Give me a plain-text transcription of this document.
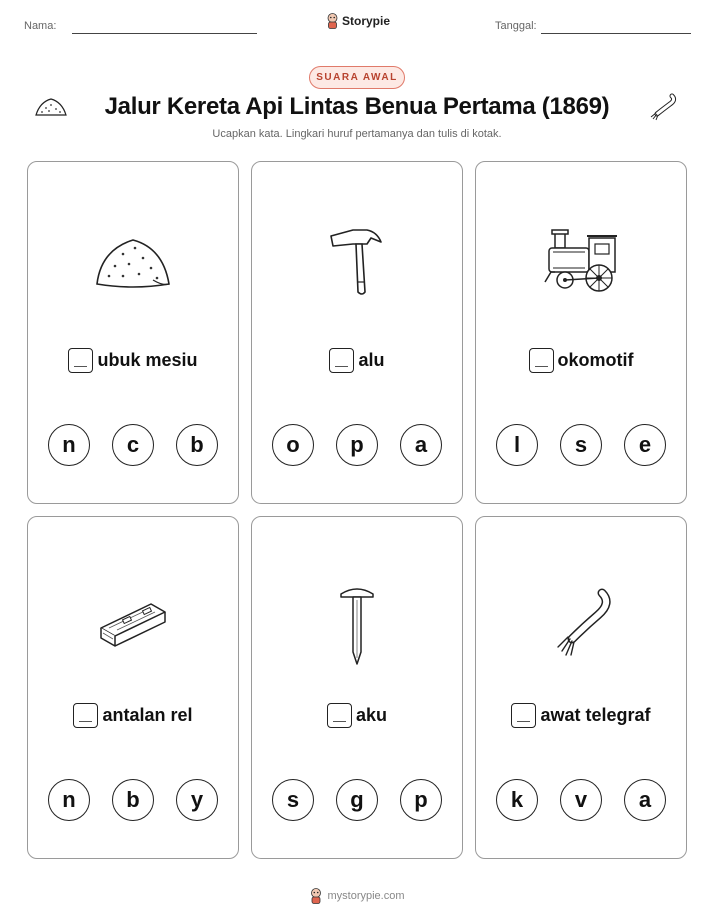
Nama:	Storypie	Tanggal:
SUARA AWAL
Jalur Kereta Api Lintas Benua Pertama (1869)
Ucapkan kata. Lingkari huruf pertamanya dan tulis di kotak.
ubuk mesiu
n	c	b
alu
o	p	a
okomotif
l	s	e
antalan rel
n	b	y
aku
s	g	p
awat telegraf
k	v	a
mystorypie.com
